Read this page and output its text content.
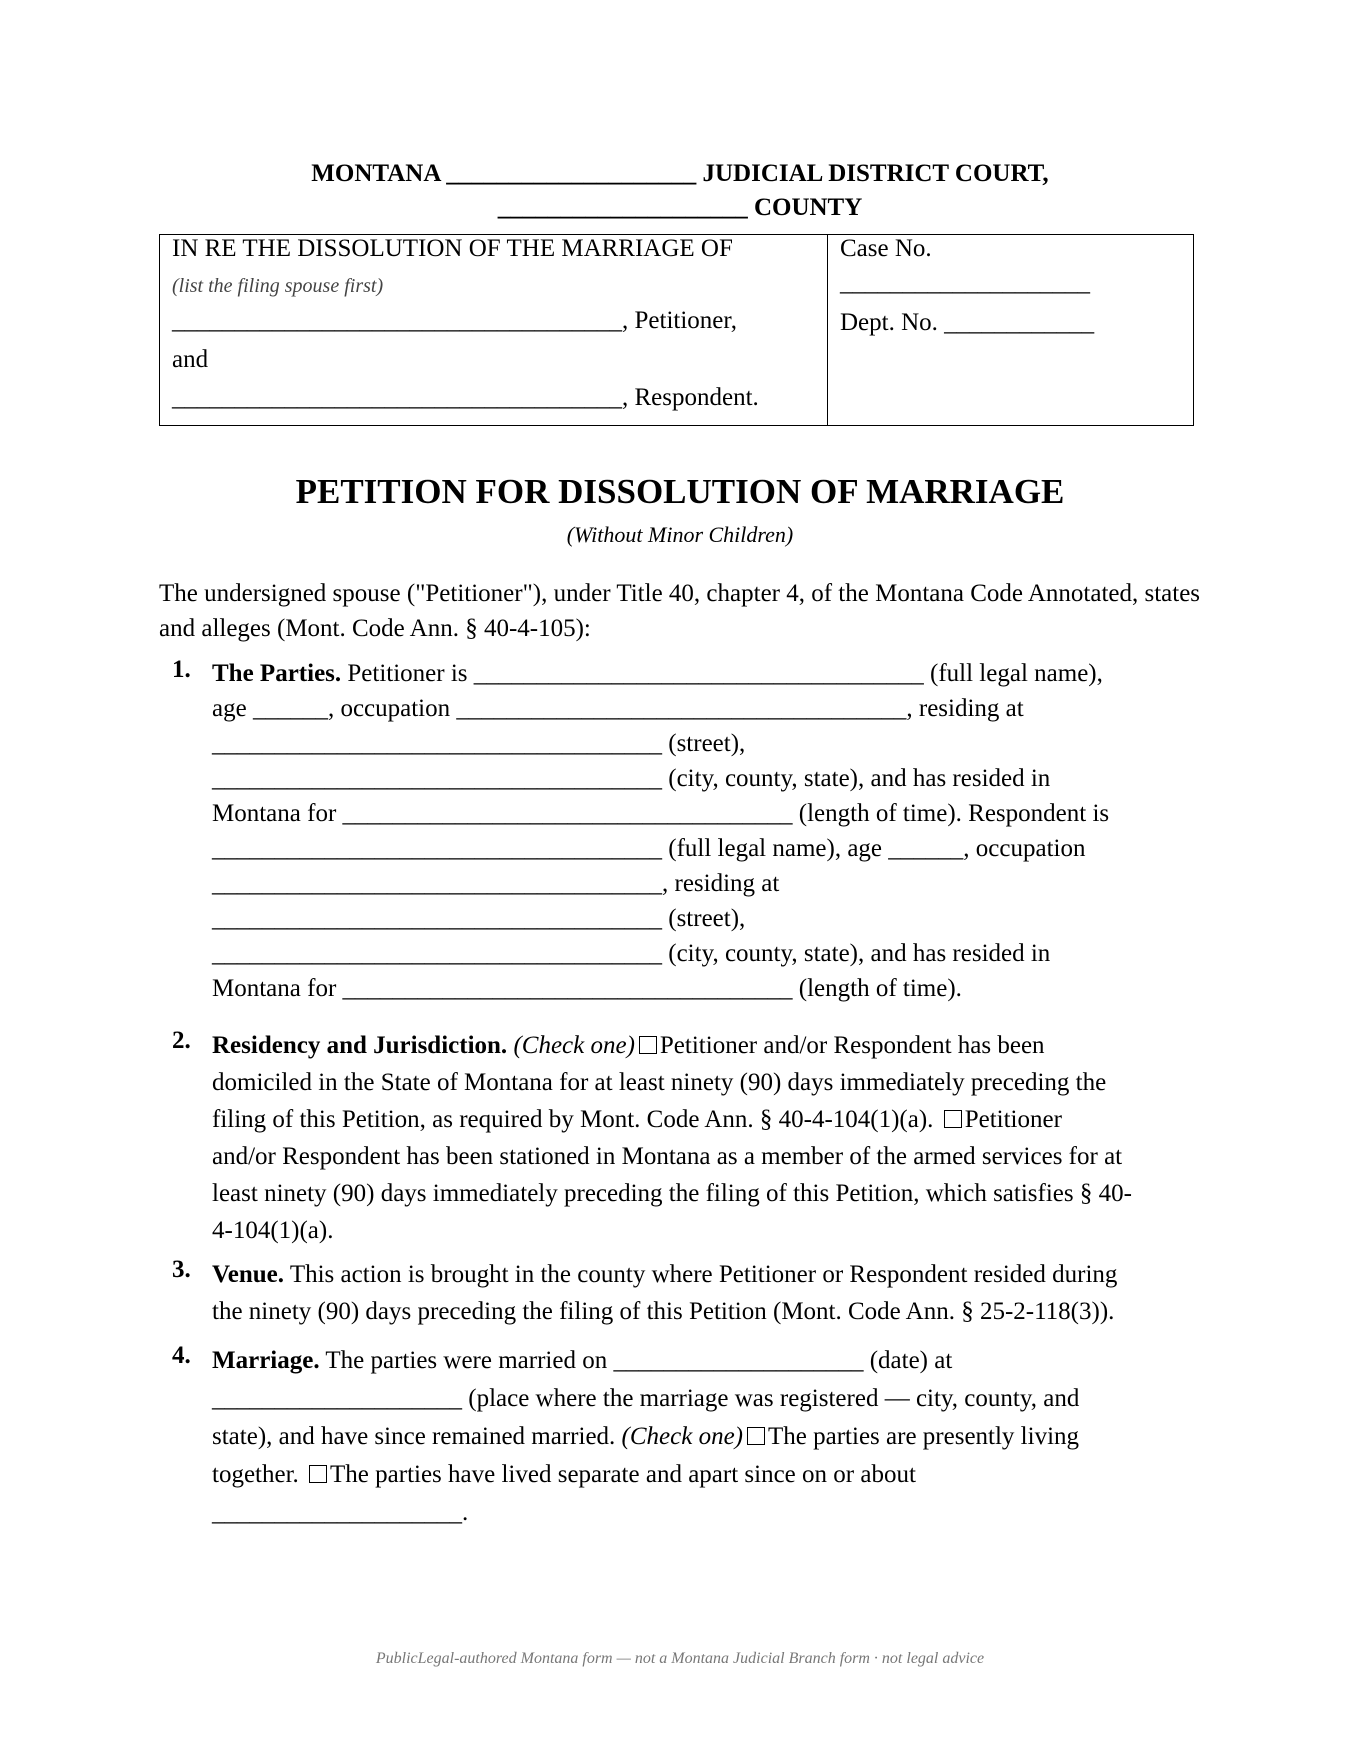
MONTANA ____________________ JUDICIAL DISTRICT COURT,
____________________ COUNTY
IN RE THE DISSOLUTION OF THE MARRIAGE OF
(list the filing spouse first)
____________________________________, Petitioner,
and
____________________________________, Respondent.
Case No.
____________________
Dept. No. ____________
PETITION FOR DISSOLUTION OF MARRIAGE
(Without Minor Children)
The undersigned spouse ("Petitioner"), under Title 40, chapter 4, of the Montana Code Annotated, states and alleges (Mont. Code Ann. § 40-4-105):
1. The Parties. Petitioner is ____________________________________ (full legal name),
age ______, occupation ____________________________________, residing at
____________________________________ (street),
____________________________________ (city, county, state), and has resided in
Montana for ____________________________________ (length of time). Respondent is
____________________________________ (full legal name), age ______, occupation
____________________________________, residing at
____________________________________ (street),
____________________________________ (city, county, state), and has resided in
Montana for ____________________________________ (length of time).
2. Residency and Jurisdiction. (Check one) Petitioner and/or Respondent has been
domiciled in the State of Montana for at least ninety (90) days immediately preceding the
filing of this Petition, as required by Mont. Code Ann. § 40-4-104(1)(a). Petitioner
and/or Respondent has been stationed in Montana as a member of the armed services for at
least ninety (90) days immediately preceding the filing of this Petition, which satisfies § 40-
4-104(1)(a).
3. Venue. This action is brought in the county where Petitioner or Respondent resided during
the ninety (90) days preceding the filing of this Petition (Mont. Code Ann. § 25-2-118(3)).
4. Marriage. The parties were married on ____________________ (date) at
____________________ (place where the marriage was registered — city, county, and
state), and have since remained married. (Check one) The parties are presently living
together. The parties have lived separate and apart since on or about
____________________.
PublicLegal-authored Montana form — not a Montana Judicial Branch form · not legal advice
